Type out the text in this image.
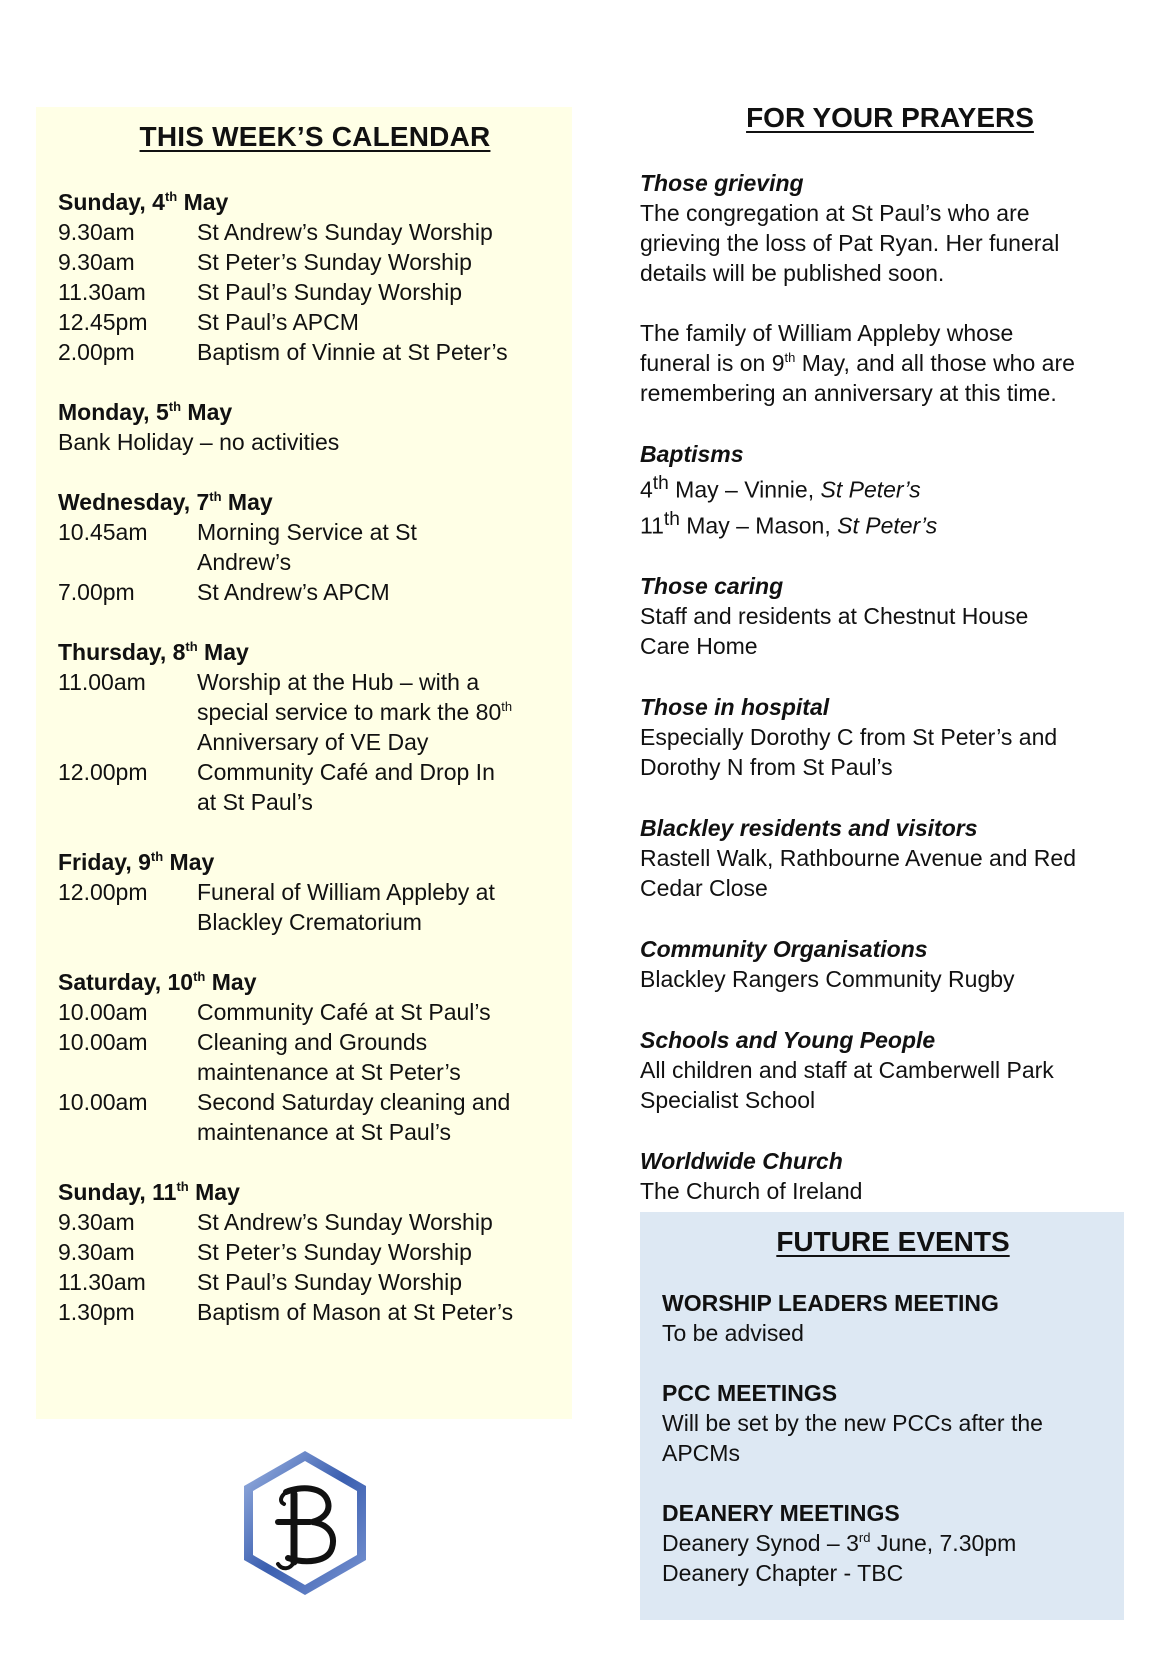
THIS WEEK’S CALENDAR
Sunday, 4th May
9.30am	St Andrew’s Sunday Worship
9.30am	St Peter’s Sunday Worship
11.30am	St Paul’s Sunday Worship
12.45pm	St Paul’s APCM
2.00pm	Baptism of Vinnie at St Peter’s
Monday, 5th May
Bank Holiday – no activities
Wednesday, 7th May
10.45am	Morning Service at St
Andrew’s
7.00pm	St Andrew’s APCM
Thursday, 8th May
11.00am	Worship at the Hub – with a
special service to mark the 80th
Anniversary of VE Day
12.00pm	Community Café and Drop In
at St Paul’s
Friday, 9th May
12.00pm	Funeral of William Appleby at
Blackley Crematorium
Saturday, 10th May
10.00am	Community Café at St Paul’s
10.00am	Cleaning and Grounds
maintenance at St Peter’s
10.00am	Second Saturday cleaning and
maintenance at St Paul’s
Sunday, 11th May
9.30am	St Andrew’s Sunday Worship
9.30am	St Peter’s Sunday Worship
11.30am	St Paul’s Sunday Worship
1.30pm	Baptism of Mason at St Peter’s
FOR YOUR PRAYERS
Those grieving
The congregation at St Paul’s who are
grieving the loss of Pat Ryan. Her funeral
details will be published soon.
The family of William Appleby whose
funeral is on 9th May, and all those who are
remembering an anniversary at this time.
Baptisms
4th May – Vinnie, St Peter’s
11th May – Mason, St Peter’s
Those caring
Staff and residents at Chestnut House
Care Home
Those in hospital
Especially Dorothy C from St Peter’s and
Dorothy N from St Paul’s
Blackley residents and visitors
Rastell Walk, Rathbourne Avenue and Red
Cedar Close
Community Organisations
Blackley Rangers Community Rugby
Schools and Young People
All children and staff at Camberwell Park
Specialist School
Worldwide Church
The Church of Ireland
FUTURE EVENTS
WORSHIP LEADERS MEETING
To be advised
PCC MEETINGS
Will be set by the new PCCs after the
APCMs
DEANERY MEETINGS
Deanery Synod – 3rd June, 7.30pm
Deanery Chapter - TBC
